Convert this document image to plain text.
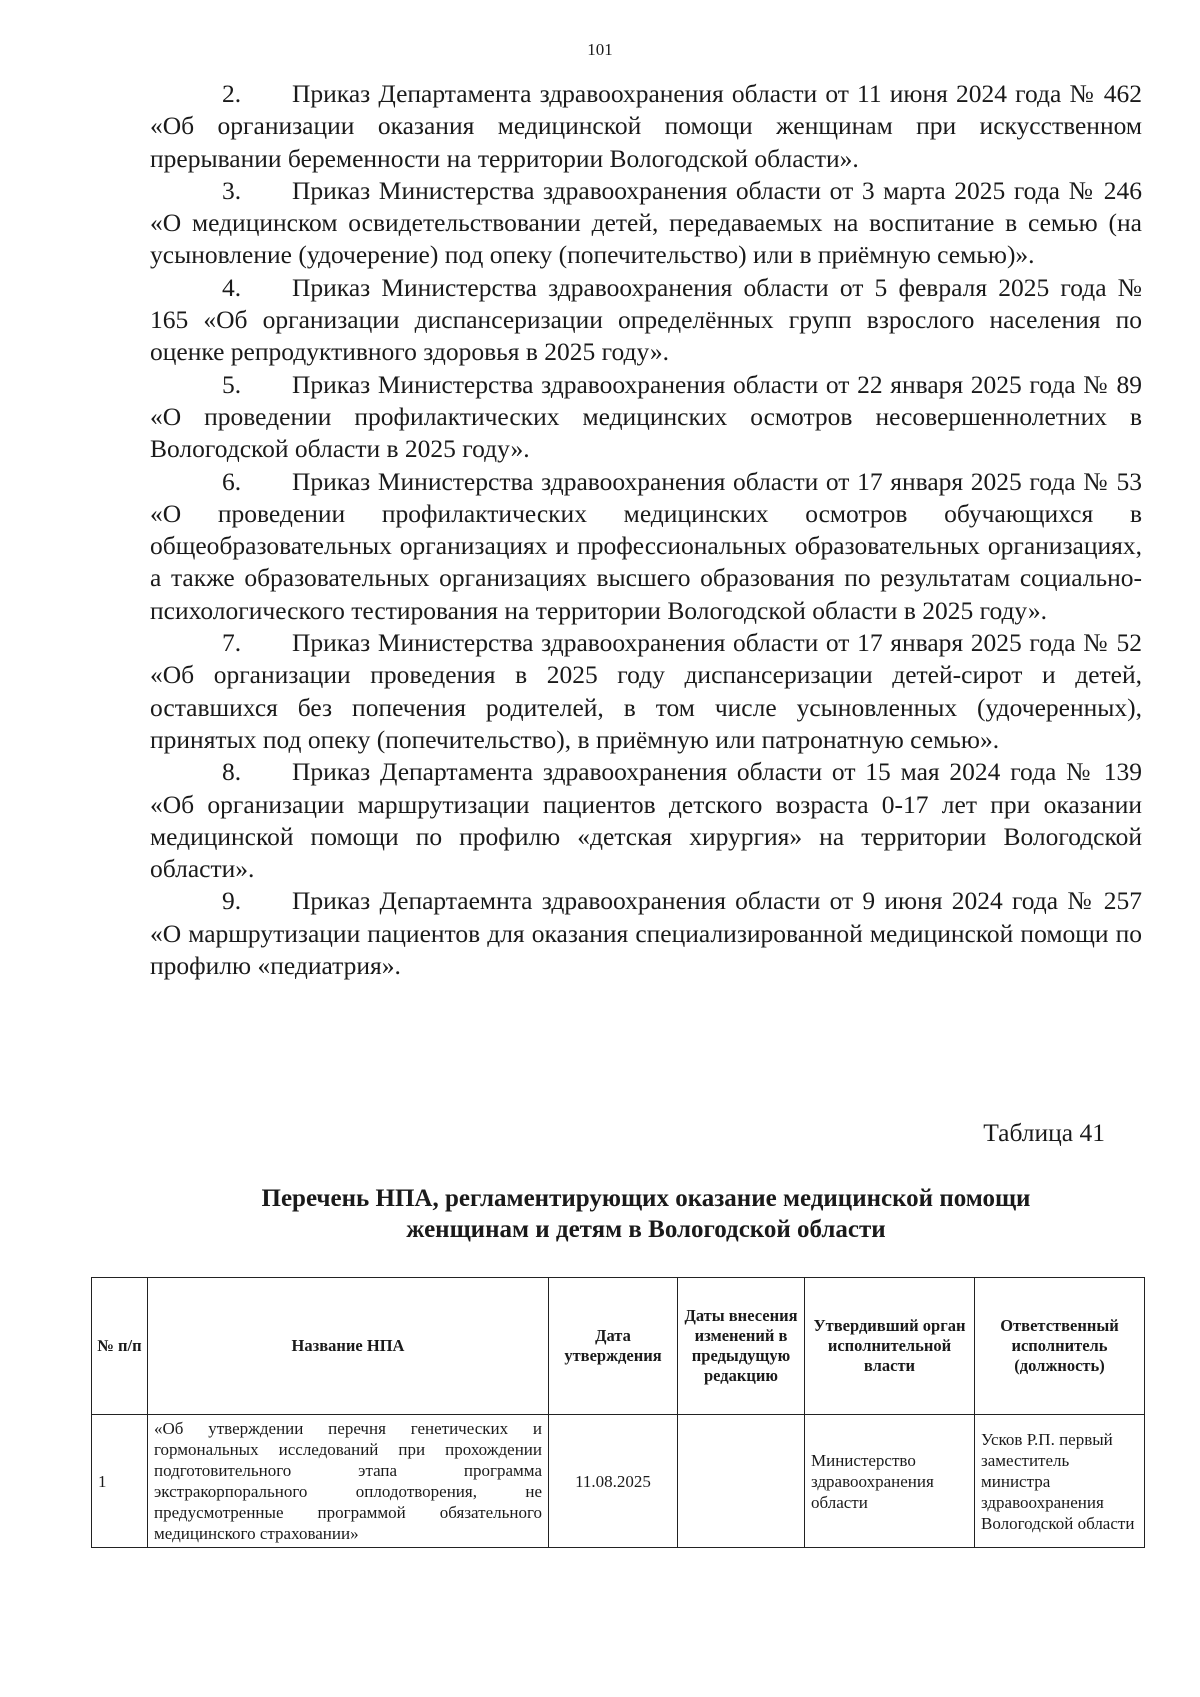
101

2. Приказ Департамента здравоохранения области от 11 июня 2024 года № 462 «Об организации оказания медицинской помощи женщинам при искусственном прерывании беременности на территории Вологодской области».

3. Приказ Министерства здравоохранения области от 3 марта 2025 года № 246 «О медицинском освидетельствовании детей, передаваемых на воспитание в семью (на усыновление (удочерение) под опеку (попечительство) или в приёмную семью)».

4. Приказ Министерства здравоохранения области от 5 февраля 2025 года № 165 «Об организации диспансеризации определённых групп взрослого населения по оценке репродуктивного здоровья в 2025 году».

5. Приказ Министерства здравоохранения области от 22 января 2025 года № 89 «О проведении профилактических медицинских осмотров несовершеннолетних в Вологодской области в 2025 году».

6. Приказ Министерства здравоохранения области от 17 января 2025 года № 53 «О проведении профилактических медицинских осмотров обучающихся в общеобразовательных организациях и профессиональных образовательных организациях, а также образовательных организациях высшего образования по результатам социально-психологического тестирования на территории Вологодской области в 2025 году».

7. Приказ Министерства здравоохранения области от 17 января 2025 года № 52 «Об организации проведения в 2025 году диспансеризации детей-сирот и детей, оставшихся без попечения родителей, в том числе усыновленных (удочеренных), принятых под опеку (попечительство), в приёмную или патронатную семью».

8. Приказ Департамента здравоохранения области от 15 мая 2024 года № 139 «Об организации маршрутизации пациентов детского возраста 0-17 лет при оказании медицинской помощи по профилю «детская хирургия» на территории Вологодской области».

9. Приказ Департаемнта здравоохранения области от 9 июня 2024 года № 257 «О маршрутизации пациентов для оказания специализированной медицинской помощи по профилю «педиатрия».

Таблица 41
Перечень НПА, регламентирующих оказание медицинской помощи
женщинам и детям в Вологодской области
№ п/п	Название НПА	Дата утверждения	Даты внесения изменений в предыдущую редакцию	Утвердивший орган исполнительной власти	Ответственный исполнитель (должность)
1	«Об утверждении перечня генетических и гормональных исследований при прохождении подготовительного этапа программа экстракорпорального оплодотворения, не предусмотренные программой обязательного медицинского страховании»	11.08.2025		Министерство здравоохранения области	Усков Р.П. первый заместитель министра здравоохранения Вологодской области
